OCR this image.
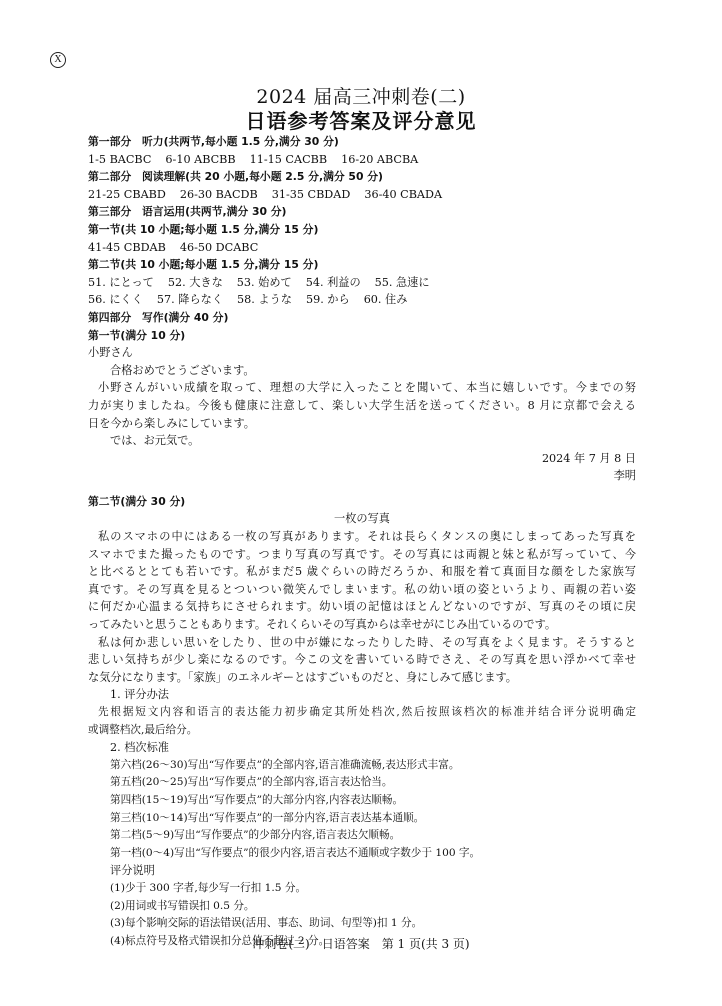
X
2024 届高三冲刺卷(二)
日语参考答案及评分意见
第一部分　听力(共两节,每小题 1.5 分,满分 30 分)
1-5 BACBC 6-10 ABCBB 11-15 CACBB 16-20 ABCBA
第二部分　阅读理解(共 20 小题,每小题 2.5 分,满分 50 分)
21-25 CBABD 26-30 BACDB 31-35 CBDAD 36-40 CBADA
第三部分　语言运用(共两节,满分 30 分)
第一节(共 10 小题;每小题 1.5 分,满分 15 分)
41-45 CBDAB 46-50 DCABC
第二节(共 10 小题;每小题 1.5 分,满分 15 分)
51. にとって 52. 大きな 53. 始めて 54. 利益の 55. 急速に
56. にくく 57. 降らなく 58. ような 59. から 60. 住み
第四部分　写作(满分 40 分)
第一节(满分 10 分)
小野さん
合格おめでとうございます。
小野さんがいい成績を取って、理想の大学に入ったことを聞いて、本当に嬉しいです。今までの努
力が実りましたね。今後も健康に注意して、楽しい大学生活を送ってください。8 月に京都で会える
日を今から楽しみにしています。
では、お元気で。
2024 年 7 月 8 日
李明
第二节(满分 30 分)
一枚の写真
私のスマホの中にはある一枚の写真があります。それは長らくタンスの奥にしまってあった写真を
スマホでまた撮ったものです。つまり写真の写真です。その写真には両親と妹と私が写っていて、今
と比べるととても若いです。私がまだ5 歳ぐらいの時だろうか、和服を着て真面目な顔をした家族写
真です。その写真を見るとついつい微笑んでしまいます。私の幼い頃の姿というより、両親の若い姿
に何だか心温まる気持ちにさせられます。幼い頃の記憶はほとんどないのですが、写真のその頃に戻
ってみたいと思うこともあります。それくらいその写真からは幸せがにじみ出ているのです。
私は何か悲しい思いをしたり、世の中が嫌になったりした時、その写真をよく見ます。そうすると
悲しい気持ちが少し楽になるのです。今この文を書いている時でさえ、その写真を思い浮かべて幸せ
な気分になります。「家族」のエネルギーとはすごいものだと、身にしみて感じます。
1. 评分办法
先根据短文内容和语言的表达能力初步确定其所处档次,然后按照该档次的标准并结合评分说明确定
或调整档次,最后给分。
2. 档次标准
第六档(26～30)写出“写作要点”的全部内容,语言准确流畅,表达形式丰富。
第五档(20～25)写出“写作要点”的全部内容,语言表达恰当。
第四档(15～19)写出“写作要点”的大部分内容,内容表达顺畅。
第三档(10～14)写出“写作要点”的一部分内容,语言表达基本通顺。
第二档(5～9)写出“写作要点”的少部分内容,语言表达欠顺畅。
第一档(0～4)写出“写作要点”的很少内容,语言表达不通顺或字数少于 100 字。
评分说明
(1)少于 300 字者,每少写一行扣 1.5 分。
(2)用词或书写错误扣 0.5 分。
(3)每个影响交际的语法错误(活用、事态、助词、句型等)扣 1 分。
(4)标点符号及格式错误扣分总值不超过 2 分。
冲刺卷(二)　日语答案　第 1 页(共 3 页)
